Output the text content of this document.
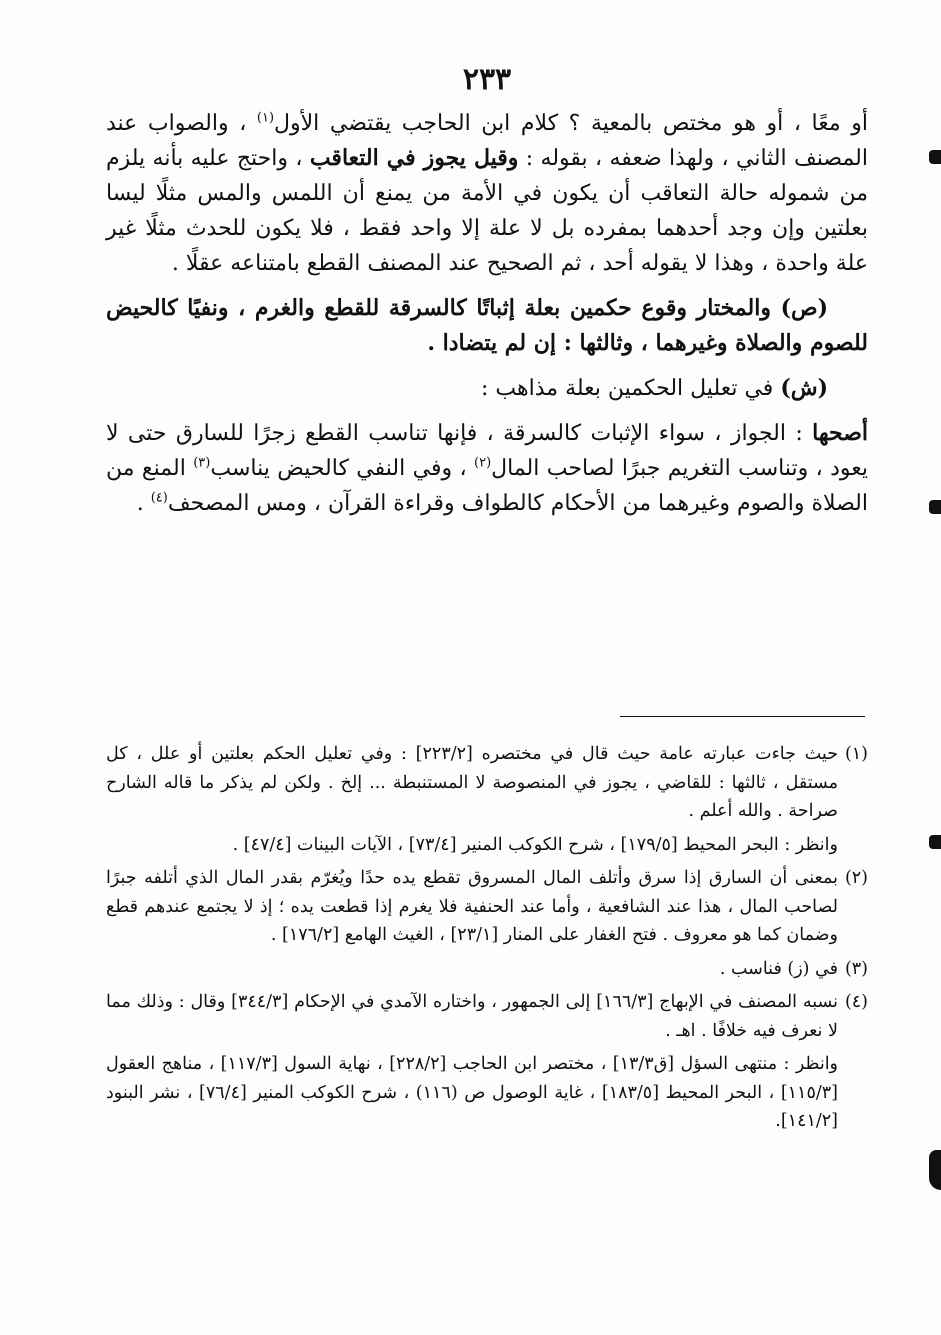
٢٣٣

أو معًا ، أو هو مختص بالمعية ؟ كلام ابن الحاجب يقتضي الأول$^{(١)}$ ، والصواب عند المصنف الثاني ، ولهذا ضعفه ، بقوله : وقيل يجوز في التعاقب ، واحتج عليه بأنه يلزم من شموله حالة التعاقب أن يكون في الأمة من يمنع أن اللمس والمس مثلًا ليسا بعلتين وإن وجد أحدهما بمفرده بل لا علة إلا واحد فقط ، فلا يكون للحدث مثلًا غير علة واحدة ، وهذا لا يقوله أحد ، ثم الصحيح عند المصنف القطع بامتناعه عقلًا .

(ص) والمختار وقوع حكمين بعلة إثباتًا كالسرقة للقطع والغرم ، ونفيًا كالحيض للصوم والصلاة وغيرهما ، وثالثها : إن لم يتضادا .

(ش) في تعليل الحكمين بعلة مذاهب :

أصحها : الجواز ، سواء الإثبات كالسرقة ، فإنها تناسب القطع زجرًا للسارق حتى لا يعود ، وتناسب التغريم جبرًا لصاحب المال$^{(٢)}$ ، وفي النفي كالحيض يناسب$^{(٣)}$ المنع من الصلاة والصوم وغيرهما من الأحكام كالطواف وقراءة القرآن ، ومس المصحف$^{(٤)}$ .

(١)
حيث جاءت عبارته عامة حيث قال في مختصره [٢٢٣/٢] : وفي تعليل الحكم بعلتين أو علل ، كل مستقل ، ثالثها : للقاضي ، يجوز في المنصوصة لا المستنبطة ... إلخ . ولكن لم يذكر ما قاله الشارح صراحة . والله أعلم .

وانظر : البحر المحيط [١٧٩/٥] ، شرح الكوكب المنير [٧٣/٤] ، الآيات البينات [٤٧/٤] .

(٢)
بمعنى أن السارق إذا سرق وأتلف المال المسروق تقطع يده حدًا ويُغرّم بقدر المال الذي أتلفه جبرًا لصاحب المال ، هذا عند الشافعية ، وأما عند الحنفية فلا يغرم إذا قطعت يده ؛ إذ لا يجتمع عندهم قطع وضمان كما هو معروف . فتح الغفار على المنار [٢٣/١] ، الغيث الهامع [١٧٦/٢] .
(٣)
في (ز) فناسب .
(٤)
نسبه المصنف في الإبهاج [١٦٦/٣] إلى الجمهور ، واختاره الآمدي في الإحكام [٣٤٤/٣] وقال : وذلك مما لا نعرف فيه خلافًا . اهـ .

وانظر : منتهى السؤل [ق١٣/٣] ، مختصر ابن الحاجب [٢٢٨/٢] ، نهاية السول [١١٧/٣] ، مناهج العقول [١١٥/٣] ، البحر المحيط [١٨٣/٥] ، غاية الوصول ص (١١٦) ، شرح الكوكب المنير [٧٦/٤] ، نشر البنود [١٤١/٢].
